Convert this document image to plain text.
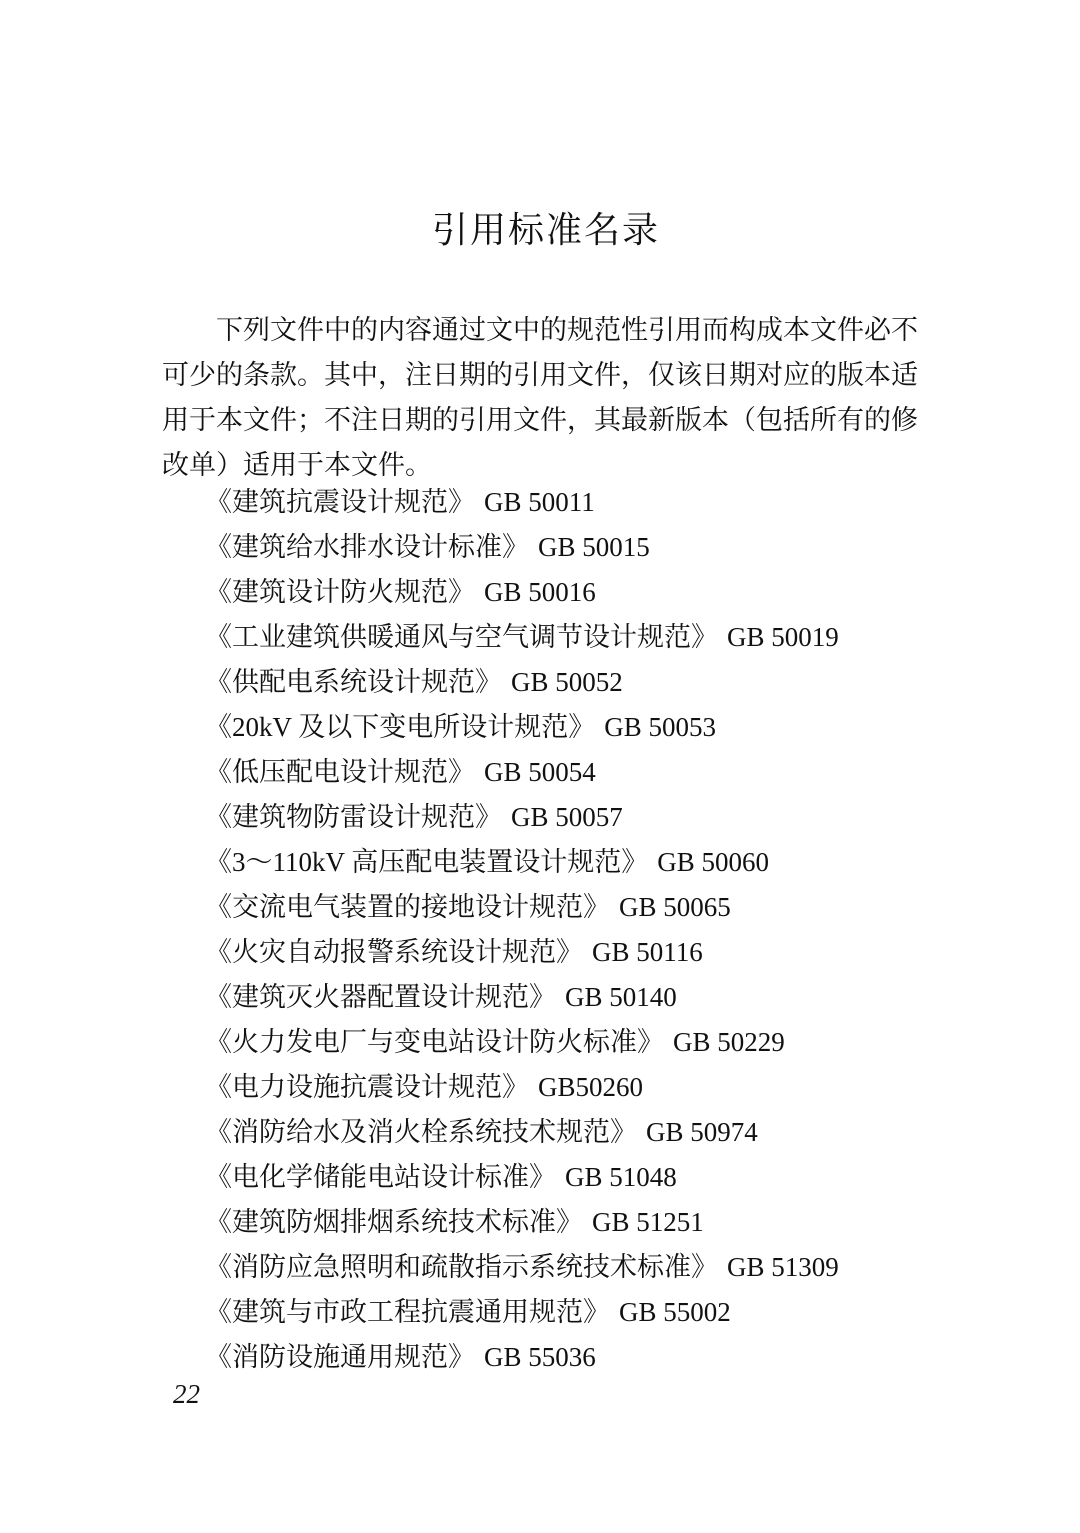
引用标准名录
下列文件中的内容通过文中的规范性引用而构成本文件必不
可少的条款。其中，注日期的引用文件，仅该日期对应的版本适
用于本文件；不注日期的引用文件，其最新版本（包括所有的修
改单）适用于本文件。
《建筑抗震设计规范》 GB 50011
《建筑给水排水设计标准》 GB 50015
《建筑设计防火规范》 GB 50016
《工业建筑供暖通风与空气调节设计规范》 GB 50019
《供配电系统设计规范》 GB 50052
《20kV 及以下变电所设计规范》 GB 50053
《低压配电设计规范》 GB 50054
《建筑物防雷设计规范》 GB 50057
《3～110kV 高压配电装置设计规范》 GB 50060
《交流电气装置的接地设计规范》 GB 50065
《火灾自动报警系统设计规范》 GB 50116
《建筑灭火器配置设计规范》 GB 50140
《火力发电厂与变电站设计防火标准》 GB 50229
《电力设施抗震设计规范》 GB50260
《消防给水及消火栓系统技术规范》 GB 50974
《电化学储能电站设计标准》 GB 51048
《建筑防烟排烟系统技术标准》 GB 51251
《消防应急照明和疏散指示系统技术标准》 GB 51309
《建筑与市政工程抗震通用规范》 GB 55002
《消防设施通用规范》 GB 55036
22
